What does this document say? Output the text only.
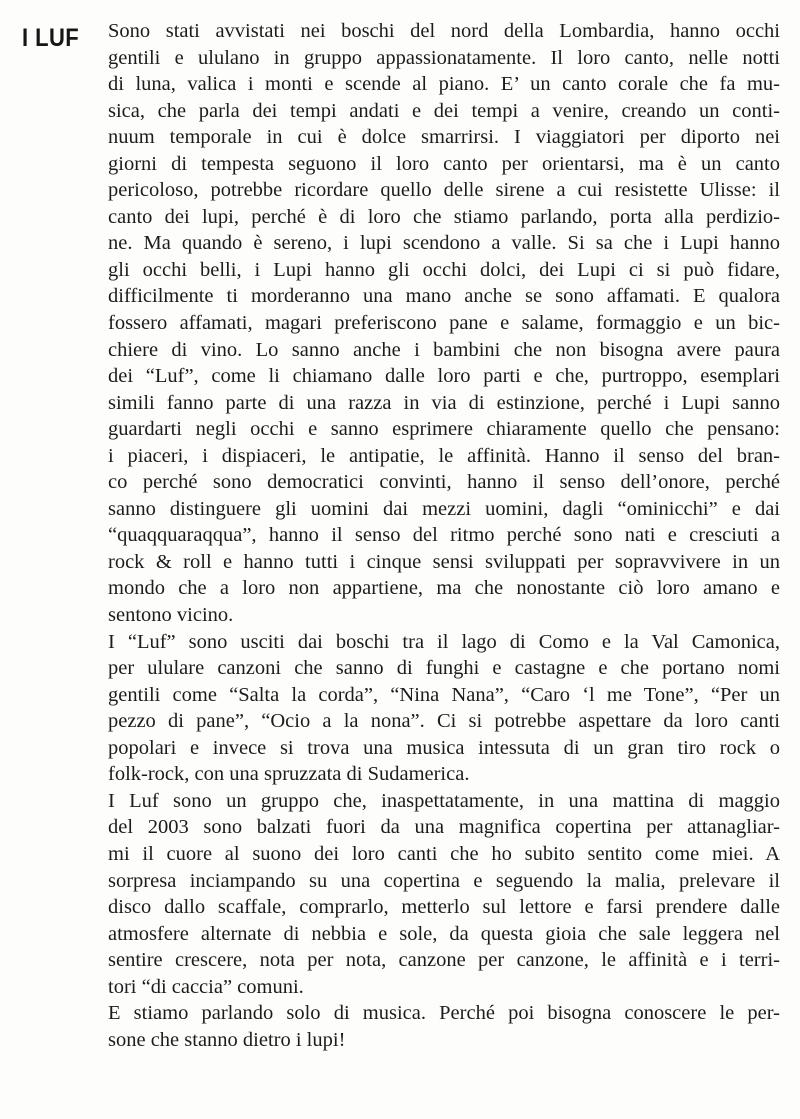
I LUF Sono stati avvistati nei boschi del nord della Lombardia, hanno occhi
gentili e ululano in gruppo appassionatamente. Il loro canto, nelle notti
di luna, valica i monti e scende al piano. E’ un canto corale che fa mu-
sica, che parla dei tempi andati e dei tempi a venire, creando un conti-
nuum temporale in cui è dolce smarrirsi. I viaggiatori per diporto nei
giorni di tempesta seguono il loro canto per orientarsi, ma è un canto
pericoloso, potrebbe ricordare quello delle sirene a cui resistette Ulisse: il
canto dei lupi, perché è di loro che stiamo parlando, porta alla perdizio-
ne. Ma quando è sereno, i lupi scendono a valle. Si sa che i Lupi hanno
gli occhi belli, i Lupi hanno gli occhi dolci, dei Lupi ci si può fidare,
difficilmente ti morderanno una mano anche se sono affamati. E qualora
fossero affamati, magari preferiscono pane e salame, formaggio e un bic-
chiere di vino. Lo sanno anche i bambini che non bisogna avere paura
dei “Luf”, come li chiamano dalle loro parti e che, purtroppo, esemplari
simili fanno parte di una razza in via di estinzione, perché i Lupi sanno
guardarti negli occhi e sanno esprimere chiaramente quello che pensano:
i piaceri, i dispiaceri, le antipatie, le affinità. Hanno il senso del bran-
co perché sono democratici convinti, hanno il senso dell’onore, perché
sanno distinguere gli uomini dai mezzi uomini, dagli “ominicchi” e dai
“quaqquaraqqua”, hanno il senso del ritmo perché sono nati e cresciuti a
rock & roll e hanno tutti i cinque sensi sviluppati per sopravvivere in un
mondo che a loro non appartiene, ma che nonostante ciò loro amano e
sentono vicino.
I “Luf” sono usciti dai boschi tra il lago di Como e la Val Camonica,
per ululare canzoni che sanno di funghi e castagne e che portano nomi
gentili come “Salta la corda”, “Nina Nana”, “Caro ‘l me Tone”, “Per un
pezzo di pane”, “Ocio a la nona”. Ci si potrebbe aspettare da loro canti
popolari e invece si trova una musica intessuta di un gran tiro rock o
folk-rock, con una spruzzata di Sudamerica.
I Luf sono un gruppo che, inaspettatamente, in una mattina di maggio
del 2003 sono balzati fuori da una magnifica copertina per attanagliar-
mi il cuore al suono dei loro canti che ho subito sentito come miei. A
sorpresa inciampando su una copertina e seguendo la malia, prelevare il
disco dallo scaffale, comprarlo, metterlo sul lettore e farsi prendere dalle
atmosfere alternate di nebbia e sole, da questa gioia che sale leggera nel
sentire crescere, nota per nota, canzone per canzone, le affinità e i terri-
tori “di caccia” comuni.
E stiamo parlando solo di musica. Perché poi bisogna conoscere le per-
sone che stanno dietro i lupi!
